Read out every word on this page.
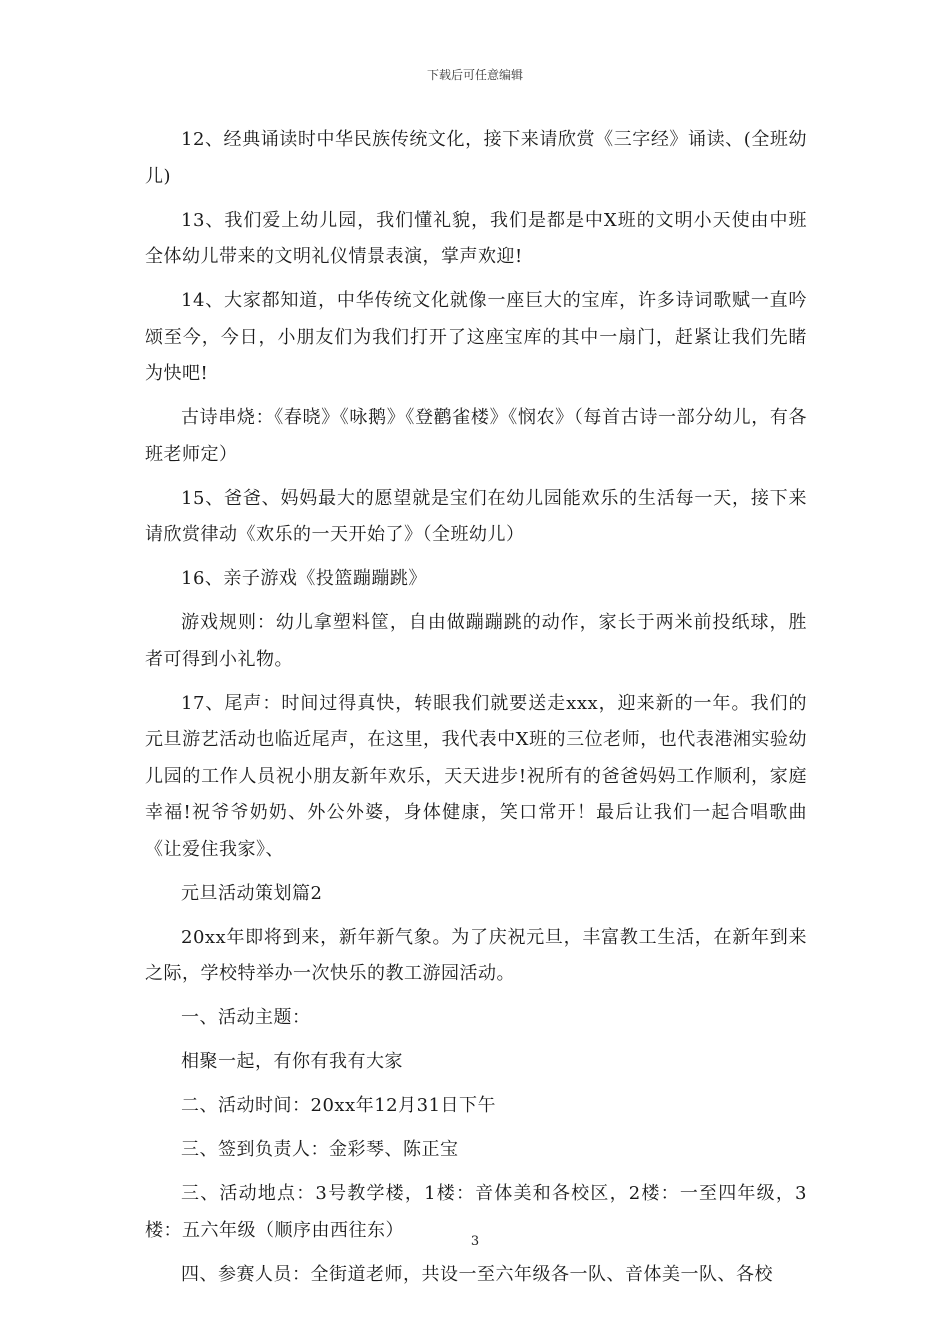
下载后可任意编辑

12、经典诵读时中华民族传统文化，接下来请欣赏《三字经》诵读、(全班幼儿)

13、我们爱上幼儿园，我们懂礼貌，我们是都是中X班的文明小天使由中班全体幼儿带来的文明礼仪情景表演，掌声欢迎!

14、大家都知道，中华传统文化就像一座巨大的宝库，许多诗词歌赋一直吟颂至今，今日，小朋友们为我们打开了这座宝库的其中一扇门，赶紧让我们先睹为快吧!

古诗串烧：《春晓》《咏鹅》《登鹳雀楼》《悯农》（每首古诗一部分幼儿，有各班老师定）

15、爸爸、妈妈最大的愿望就是宝们在幼儿园能欢乐的生活每一天，接下来请欣赏律动《欢乐的一天开始了》（全班幼儿）

16、亲子游戏《投篮蹦蹦跳》

游戏规则：幼儿拿塑料筐，自由做蹦蹦跳的动作，家长于两米前投纸球，胜者可得到小礼物。

17、尾声：时间过得真快，转眼我们就要送走xxx，迎来新的一年。我们的元旦游艺活动也临近尾声，在这里，我代表中X班的三位老师，也代表港湘实验幼儿园的工作人员祝小朋友新年欢乐，天天进步!祝所有的爸爸妈妈工作顺利，家庭幸福!祝爷爷奶奶、外公外婆，身体健康，笑口常开！最后让我们一起合唱歌曲《让爱住我家》、

元旦活动策划篇2

20xx年即将到来，新年新气象。为了庆祝元旦，丰富教工生活，在新年到来之际，学校特举办一次快乐的教工游园活动。

一、活动主题：

相聚一起，有你有我有大家

二、活动时间：20xx年12月31日下午

三、签到负责人：金彩琴、陈正宝

三、活动地点：3号教学楼，1楼：音体美和各校区，2楼：一至四年级，3楼：五六年级（顺序由西往东）

四、参赛人员：全街道老师，共设一至六年级各一队、音体美一队、各校

3
